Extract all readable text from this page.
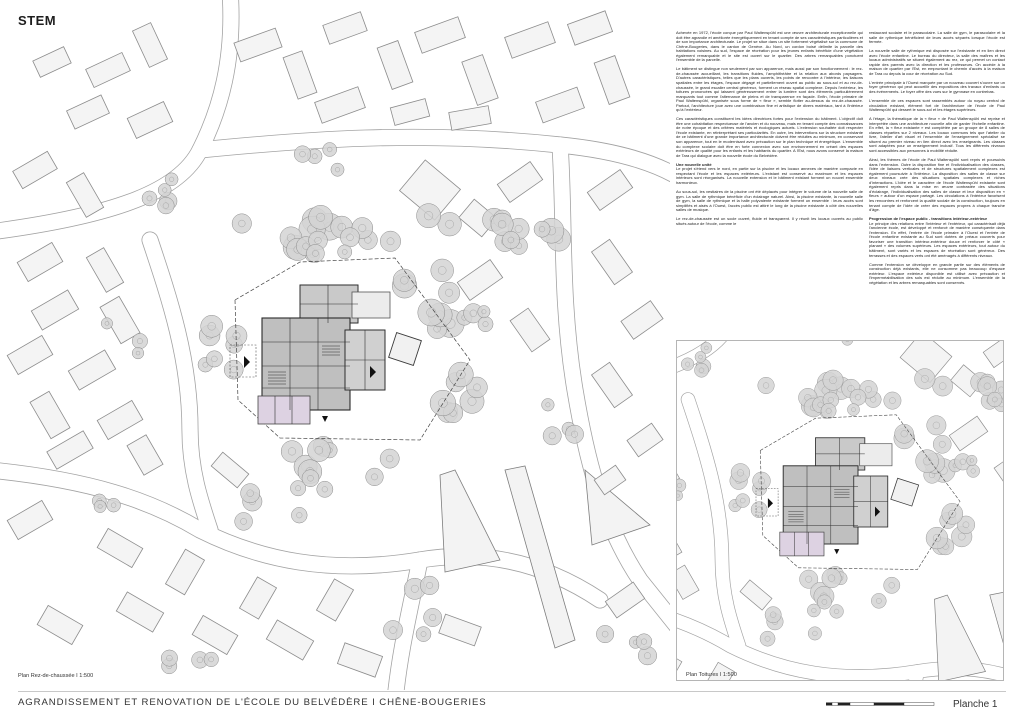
STEM
Plan Rez-de-chaussée I 1:500

Achevée en 1972, l'école conçue par Paul Waltenspühl est une œuvre architecturale exceptionnelle qui doit être agrandie et améliorée énergétiquement en tenant compte de ses caractéristiques particulières et de son importance architecturale. Le projet se situe dans un site fortement végétalisé sur la commune de Chêne-Bougeries, dans le canton de Genève. Au Nord, un cordon boisé délimite la parcelle des habitations voisines. Au sud, l'espace de récréation pour les jeunes enfants bénéficie d'une végétation également remarquable et le site est ouvert sur le quartier. Des arbres remarquables ponctuent l'ensemble de la parcelle.

Le bâtiment se distingue non seulement par son apparence, mais aussi par son fonctionnement : le rez-de-chaussée accueillant, les transitions fluides, l'amphithéâtre et la relation aux abords paysagers. D'autres caractéristiques, telles que les plans ouverts, les points de rencontre à l'intérieur, les liaisons spatiales entre les étages, l'espace dégagé et partiellement ouvert au public au sous-sol et au rez-de-chaussée, le grand escalier central généreux, forment un réseau spatial complexe. Depuis l'extérieur, les toitures prononcées qui laissent généreusement entrer la lumière sont des éléments particulièrement marquants tout comme l'alternance de pleins et de transparence en façade. Enfin, l'école primaire de Paul Waltenspühl, organisée sous forme de « fleur », semble flotter au-dessus du rez-de-chaussée. Partout, l'architecture joue avec une combinaison fine et artistique de divers matériaux, tant à l'intérieur qu'à l'extérieur.

Ces caractéristiques constituent les idées directrices fortes pour l'extension du bâtiment. L'objectif doit être une cohabitation respectueuse de l'ancien et du nouveau, mais en tenant compte des connaissances de notre époque et des critères matériels et écologiques actuels. L'extension souhaitée doit respecter l'école existante, en réinterprétant ses particularités. En outre, les interventions sur la structure existante de ce bâtiment d'une grande importance architecturale doivent être réduites au minimum, en conservant son apparence, tout en le modernisant avec précaution sur le plan technique et énergétique. L'ensemble du complexe scolaire doit être en forte connexion avec son environnement en créant des espaces extérieurs de qualité pour les enfants et les habitants du quartier. A l'Est, nous avons conservé la maison de Tara qui dialogue avec la nouvelle école du Belvédère.

Une nouvelle unité

Le projet s'étend vers le nord, en partie sur la piscine et les locaux annexes de manière compacte en respectant l'école et les espaces extérieurs. L'existant est conservé au maximum et les espaces intérieurs sont réorganisés. La nouvelle extension et le bâtiment existant forment un nouvel ensemble harmonieux.

Au sous-sol, les vestiaires de la piscine ont été déplacés pour intégrer le volume de la nouvelle salle de gym. La salle de rythmique bénéficie d'un éclairage naturel. Ainsi, la piscine existante, la nouvelle salle de gym, la salle de rythmique et la halle polyvalente existante forment un ensemble : leurs accès sont simplifiés et aisés à l'Ouest, l'accès public est attiré le long de la piscine existante à côté des nouvelles salles de musique.

Le rez-de-chaussée est un socle ouvert, fluide et transparent. Il y réunit les locaux ouverts au public situés autour de l'école, comme le

restaurant scolaire et le parascolaire. La salle de gym, le parascolaire et la salle de rythmique bénéficient de leurs accès séparés lorsque l'école est fermée.

La nouvelle salle de rythmique est disposée sur l'existante et en lien direct avec l'école enfantine. Le bureau du directeur, la salle des maîtres et les locaux administratifs se situent également au rez, ce qui permet un contact rapide des parents avec la direction et les professeurs. On accède à la maison de quartier par l'Est, en empruntant le chemin d'accès à la maison de Tara ou depuis la cour de récréation au Sud.

L'entrée principale à l'Ouest marquée par un nouveau couvert s'ouvre sur un foyer généreux qui peut accueillir des expositions des travaux d'enfants ou des événements. Le foyer offre des vues sur le gymnase en contrebas.

L'ensemble de ces espaces sont rassemblés autour du noyau central de circulation existant, élément fort de l'architecture de l'école de Paul Waltenspühl qui dessert le sous-sol et les étages supérieurs.

A l'étage, la thématique de la « fleur » de Paul Waltenspühl est reprise et interprétée dans une architecture nouvelle afin de garder l'échelle enfantine. En effet, la « fleur existante » est complétée par un groupe de 8 salles de classes réparties sur 2 niveaux. Les locaux communs tels que l'atelier du livre, l'atelier d'art visuel et l'ensemble de l'enseignement spécialisé se situent au premier niveau en lien direct avec les enseignants. Les classes sont adaptées pour un enseignement inclusif. Tous les différents niveaux sont accessibles aux personnes à mobilité réduite.

Ainsi, les thèmes de l'école de Paul Waltenspühl sont repris et poursuivis dans l'extension. Outre la disposition fine et l'individualisation des classes, l'idée de liaisons verticales et de structures spatialement complexes est également poursuivie à l'intérieur. La disposition des salles de classe sur deux niveaux crée des situations spatiales complexes et riches d'interactions. L'idée et le caractère de l'école Waltenspühl existante sont également repris dans la mise en œuvre contrastée des situations d'éclairage, l'individualisation des salles de classe et leur disposition en « fleurs » autour d'un espace partagé. Les circulations à l'intérieur favorisent les rencontres et renforcent la qualité sociale de la construction, toujours en tenant compte de l'idée de créer des espaces propres à chaque tranche d'âge.

Progression de l'espace public - transitions intérieur-extérieur

Le principe des relations entre l'intérieur et l'extérieur, qui caractérisait déjà l'ancienne école, est développé et renforcé de manière conséquente dans l'extension. En effet, l'entrée de l'école primaire à l'Ouest et l'entrée de l'école enfantine existante au Sud sont dotées de préaux couverts pour favoriser une transition intérieur-extérieur douce et renforcer le côté « planant » des volumes supérieurs. Les espaces extérieurs, tout autour du bâtiment, sont variés et les espaces de récréation sont généreux. Des terrasses et des espaces verts ont été aménagés à différents niveaux.

Comme l'extension se développe en grande partie sur des éléments de construction déjà existants, elle ne consomme pas beaucoup d'espace extérieur. L'espace extérieur disponible est utilisé avec précaution et l'imperméabilisation des sols est réduite au minimum. L'ensemble de la végétation et les arbres remarquables sont conservés.

Plan Toitures I 1:500
AGRANDISSEMENT ET RENOVATION DE L'ÉCOLE DU BELVÉDÈRE I CHÊNE-BOUGERIES	Planche 1
